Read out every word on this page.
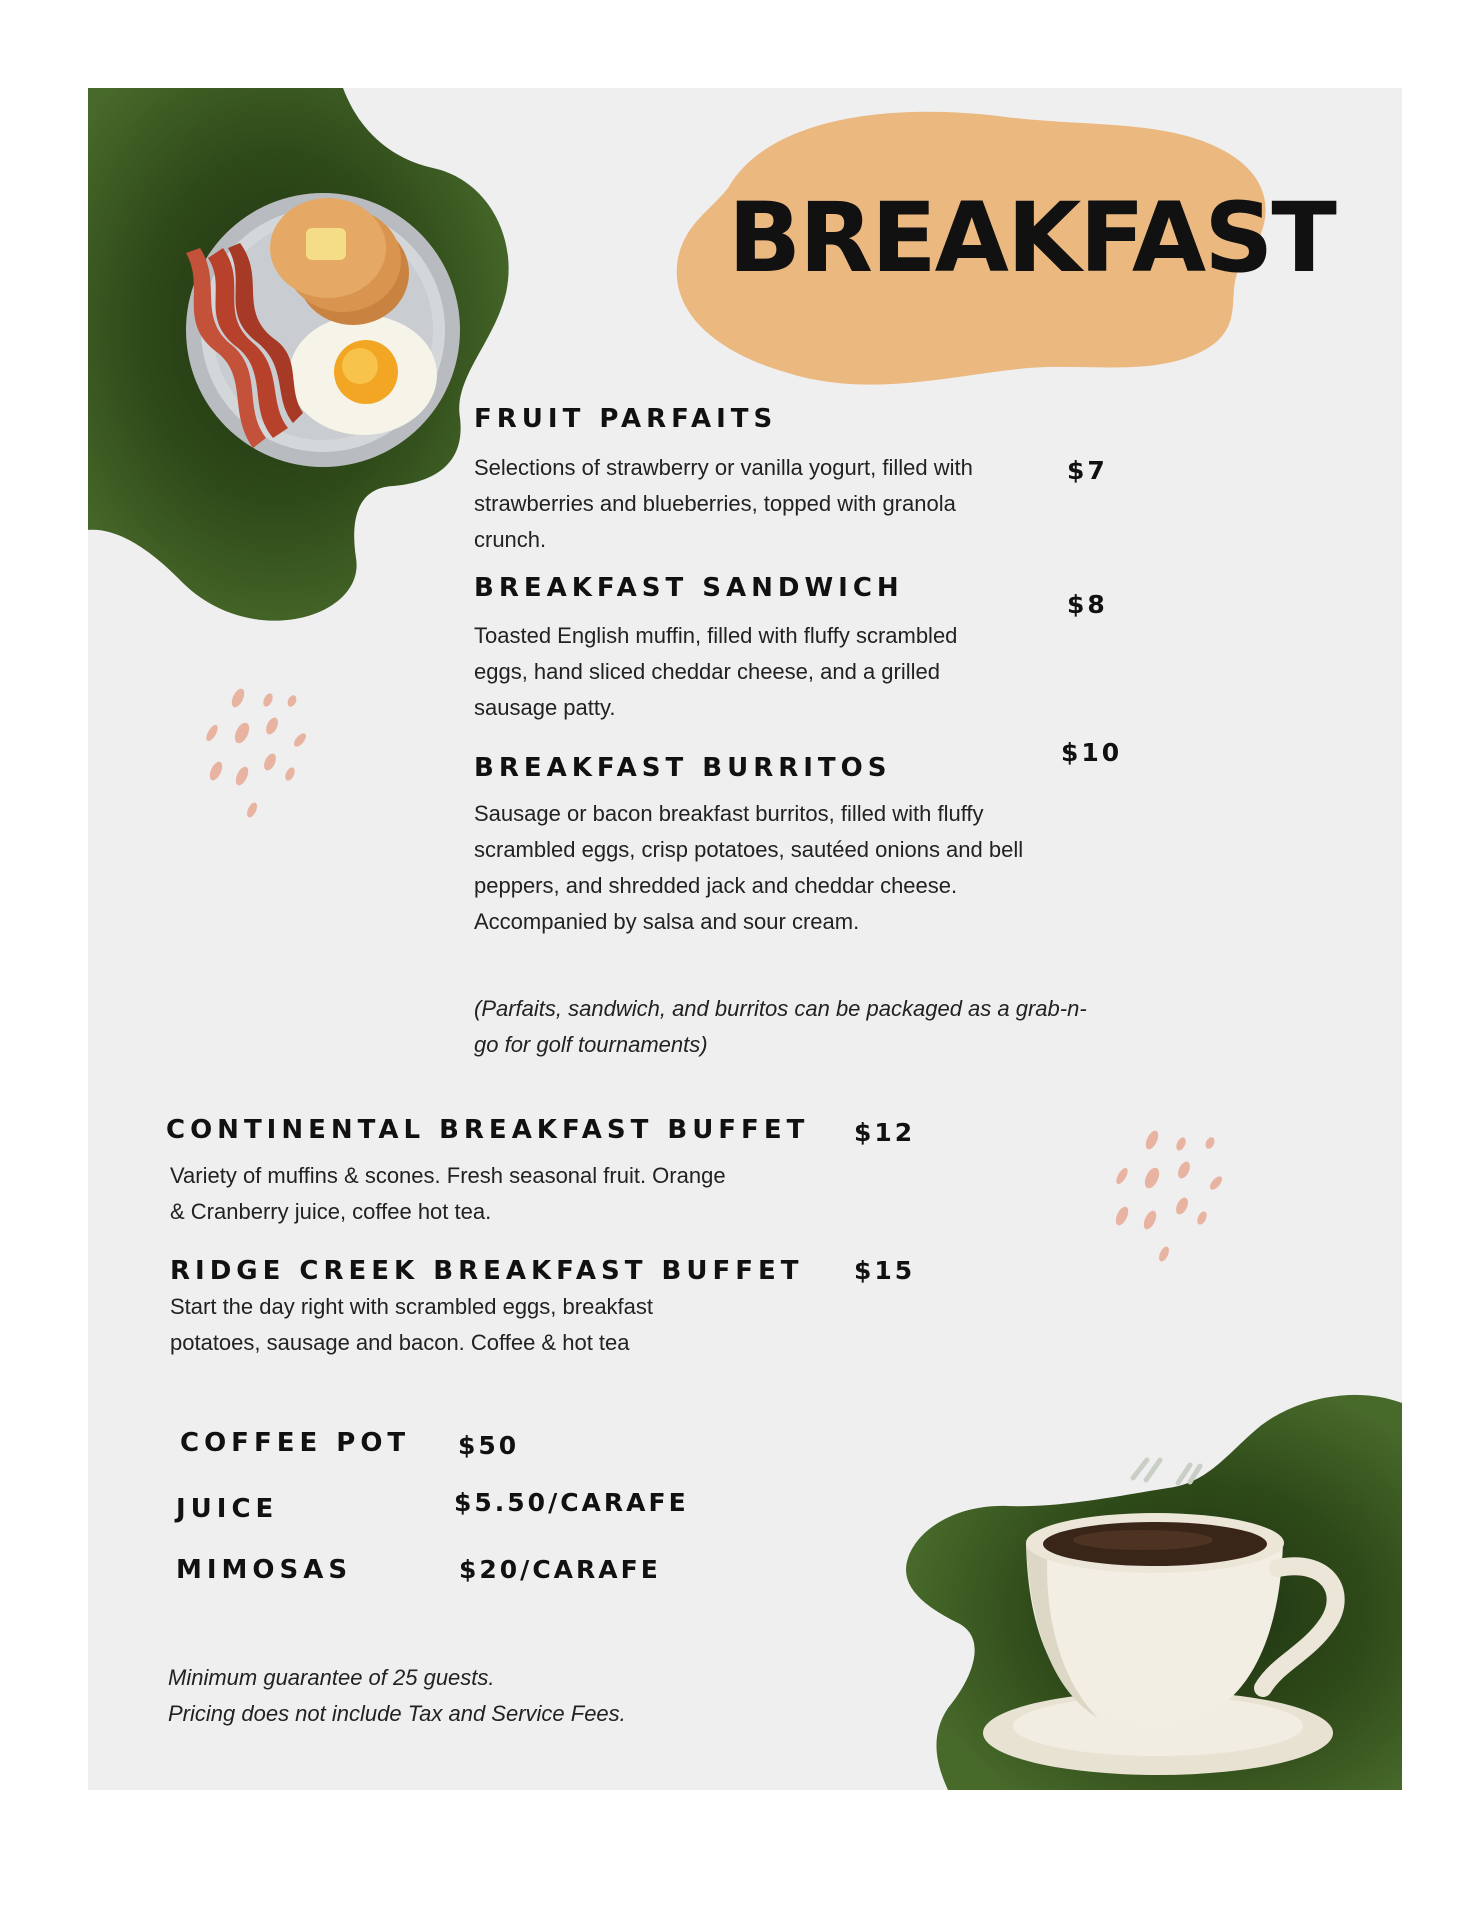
BREAKFAST
FRUIT PARFAITS
$7
Selections of strawberry or vanilla yogurt, filled with strawberries and blueberries, topped with granola crunch.
BREAKFAST SANDWICH
$8
Toasted English muffin, filled with fluffy scrambled eggs, hand sliced cheddar cheese, and a grilled sausage patty.
BREAKFAST BURRITOS
$10
Sausage or bacon breakfast burritos, filled with fluffy scrambled eggs, crisp potatoes, sautéed onions and bell peppers, and shredded jack and cheddar cheese. Accompanied by salsa and sour cream.
(Parfaits, sandwich, and burritos can be packaged as a grab-n-go for golf tournaments)
CONTINENTAL BREAKFAST BUFFET $12
Variety of muffins & scones. Fresh seasonal fruit. Orange & Cranberry juice, coffee hot tea.
RIDGE CREEK BREAKFAST BUFFET $15
Start the day right with scrambled eggs, breakfast potatoes, sausage and bacon. Coffee & hot tea
COFFEE POT $50
JUICE	$5.50/CARAFE
MIMOSAS	$20/CARAFE
Minimum guarantee of 25 guests.
Pricing does not include Tax and Service Fees.
